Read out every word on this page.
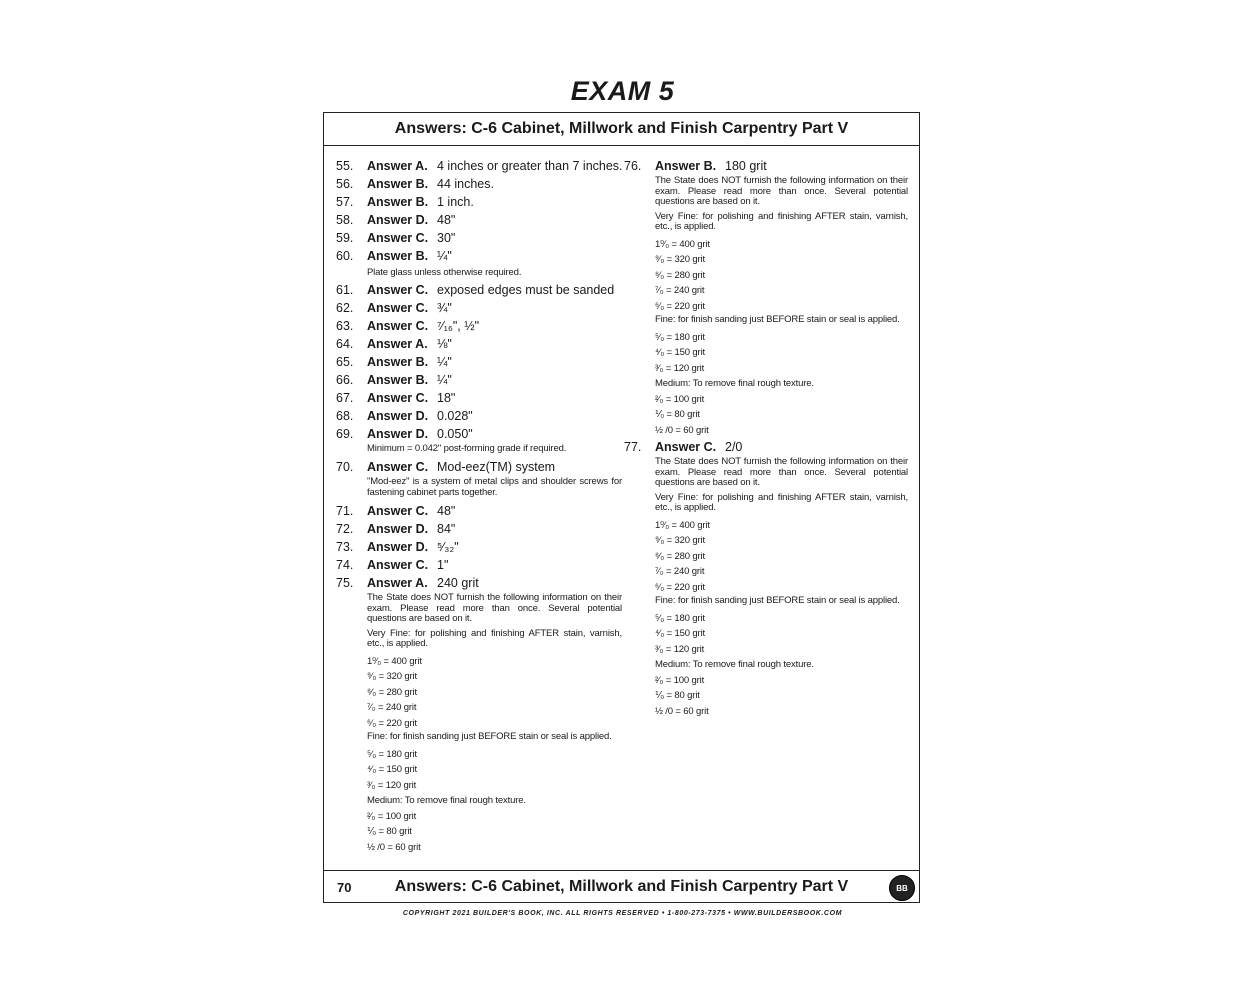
EXAM 5
Answers: C-6 Cabinet, Millwork and Finish Carpentry Part V
55.	Answer A. 4 inches or greater than 7 inches.
56.	Answer B. 44 inches.
57.	Answer B. 1 inch.
58.	Answer D. 48"
59.	Answer C. 30"
60.	Answer B. ¼"
Plate glass unless otherwise required.
61.	Answer C. exposed edges must be sanded
62.	Answer C. ¾"
63.	Answer C. ⁷⁄₁₆", ½"
64.	Answer A. ⅛"
65.	Answer B. ¼"
66.	Answer B. ¼"
67.	Answer C. 18"
68.	Answer D. 0.028"
69.	Answer D. 0.050"
Minimum = 0.042" post-forming grade if required.
70.	Answer C. Mod-eez(TM) system
"Mod-eez" is a system of metal clips and shoulder screws for fastening cabinet parts together.
71.	Answer C. 48"
72.	Answer D. 84"
73.	Answer D. ⁵⁄₃₂"
74.	Answer C. 1"
75.	Answer A. 240 grit
The State does NOT furnish the following information on their exam. Please read more than once. Several potential questions are based on it.
Very Fine: for polishing and finishing AFTER stain, varnish, etc., is applied.
1⁰⁄₀ = 400 grit
⁹⁄₀ = 320 grit
⁸⁄₀ = 280 grit
⁷⁄₀ = 240 grit
⁶⁄₀ = 220 grit
Fine: for finish sanding just BEFORE stain or seal is applied.
⁵⁄₀ = 180 grit
⁴⁄₀ = 150 grit
³⁄₀ = 120 grit
Medium: To remove final rough texture.
²⁄₀ = 100 grit
⅟₀ = 80 grit
½ /0 = 60 grit
76.	Answer B. 180 grit
The State does NOT furnish the following information on their exam. Please read more than once. Several potential questions are based on it.
Very Fine: for polishing and finishing AFTER stain, varnish, etc., is applied.
1⁰⁄₀ = 400 grit
⁹⁄₀ = 320 grit
⁸⁄₀ = 280 grit
⁷⁄₀ = 240 grit
⁶⁄₀ = 220 grit
Fine: for finish sanding just BEFORE stain or seal is applied.
⁵⁄₀ = 180 grit
⁴⁄₀ = 150 grit
³⁄₀ = 120 grit
Medium: To remove final rough texture.
²⁄₀ = 100 grit
⅟₀ = 80 grit
½ /0 = 60 grit
77.	Answer C. 2/0
The State does NOT furnish the following information on their exam. Please read more than once. Several potential questions are based on it.
Very Fine: for polishing and finishing AFTER stain, varnish, etc., is applied.
1⁰⁄₀ = 400 grit
⁹⁄₀ = 320 grit
⁸⁄₀ = 280 grit
⁷⁄₀ = 240 grit
⁶⁄₀ = 220 grit
Fine: for finish sanding just BEFORE stain or seal is applied.
⁵⁄₀ = 180 grit
⁴⁄₀ = 150 grit
³⁄₀ = 120 grit
Medium: To remove final rough texture.
²⁄₀ = 100 grit
⅟₀ = 80 grit
½ /0 = 60 grit
70	Answers: C-6 Cabinet, Millwork and Finish Carpentry Part V	BB
COPYRIGHT 2021 BUILDER'S BOOK, INC. ALL RIGHTS RESERVED • 1-800-273-7375 • WWW.BUILDERSBOOK.COM
